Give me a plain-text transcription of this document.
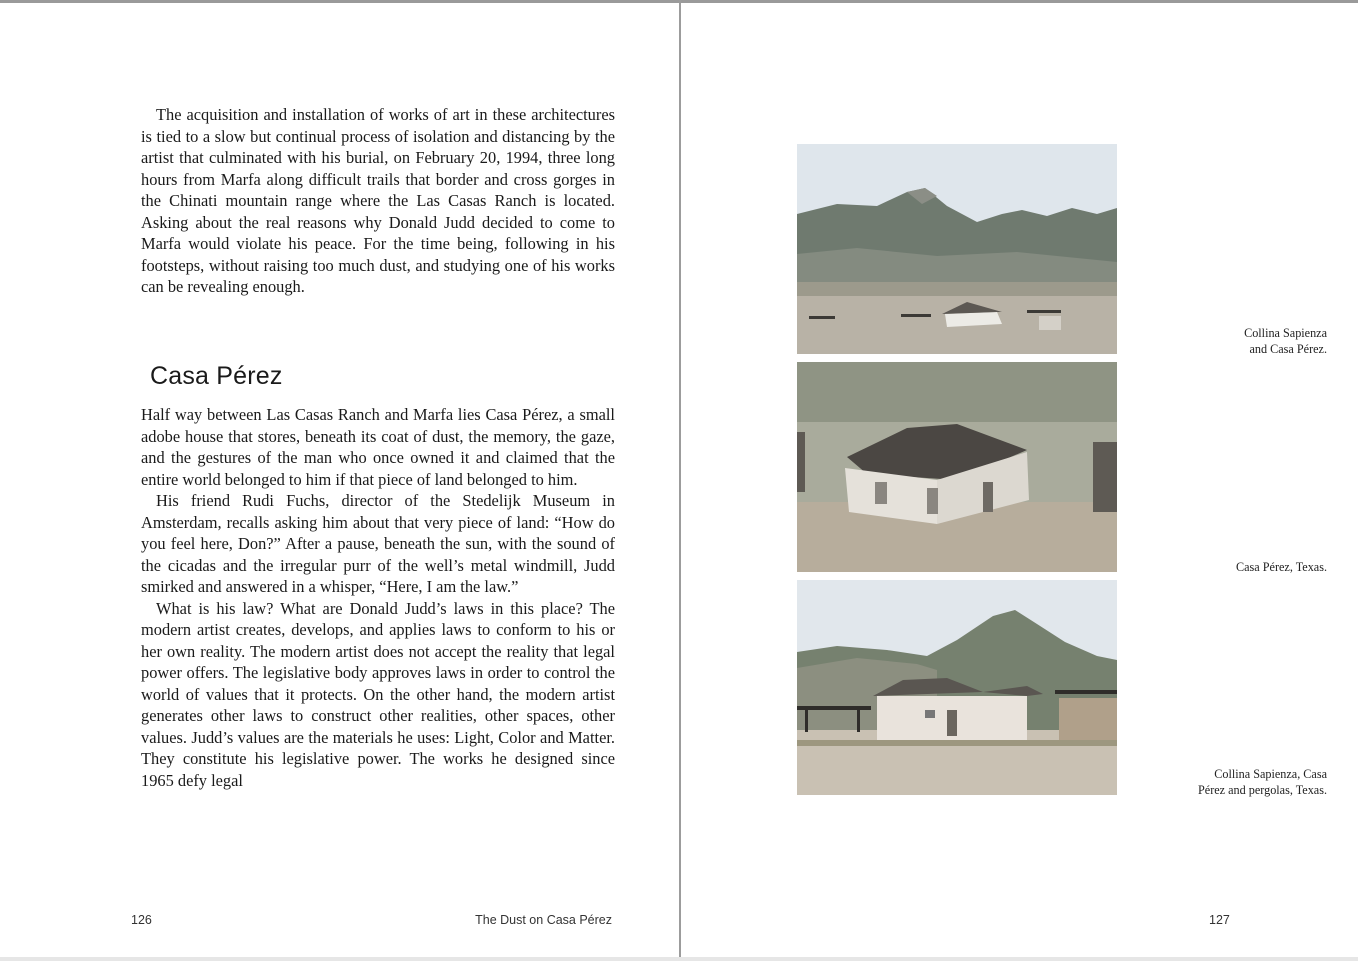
The acquisition and installation of works of art in these architectures is tied to a slow but continual process of isolation and distancing by the artist that culminated with his burial, on February 20, 1994, three long hours from Marfa along difficult trails that border and cross gorges in the Chinati mountain range where the Las Casas Ranch is located. Asking about the real reasons why Donald Judd decided to come to Marfa would violate his peace. For the time being, following in his footsteps, without raising too much dust, and studying one of his works can be revealing enough.

Casa Pérez

Half way between Las Casas Ranch and Marfa lies Casa Pérez, a small adobe house that stores, beneath its coat of dust, the memory, the gaze, and the gestures of the man who once owned it and claimed that the entire world belonged to him if that piece of land belonged to him.

His friend Rudi Fuchs, director of the Stedelijk Museum in Amsterdam, recalls asking him about that very piece of land: “How do you feel here, Don?” After a pause, beneath the sun, with the sound of the cicadas and the irregular purr of the well’s metal windmill, Judd smirked and answered in a whisper, “Here, I am the law.”

What is his law? What are Donald Judd’s laws in this place? The modern artist creates, develops, and applies laws to conform to his or her own reality. The modern artist does not accept the reality that legal power offers. The legislative body approves laws in order to control the world of values that it protects. On the other hand, the modern artist generates other laws to construct other realities, other spaces, other values. Judd’s values are the materials he uses: Light, Color and Matter. They constitute his legislative power. The works he designed since 1965 defy legal

126	The Dust on Casa Pérez
Collina Sapienza
and Casa Pérez.
Casa Pérez, Texas.
Collina Sapienza, Casa
Pérez and pergolas, Texas.
127
